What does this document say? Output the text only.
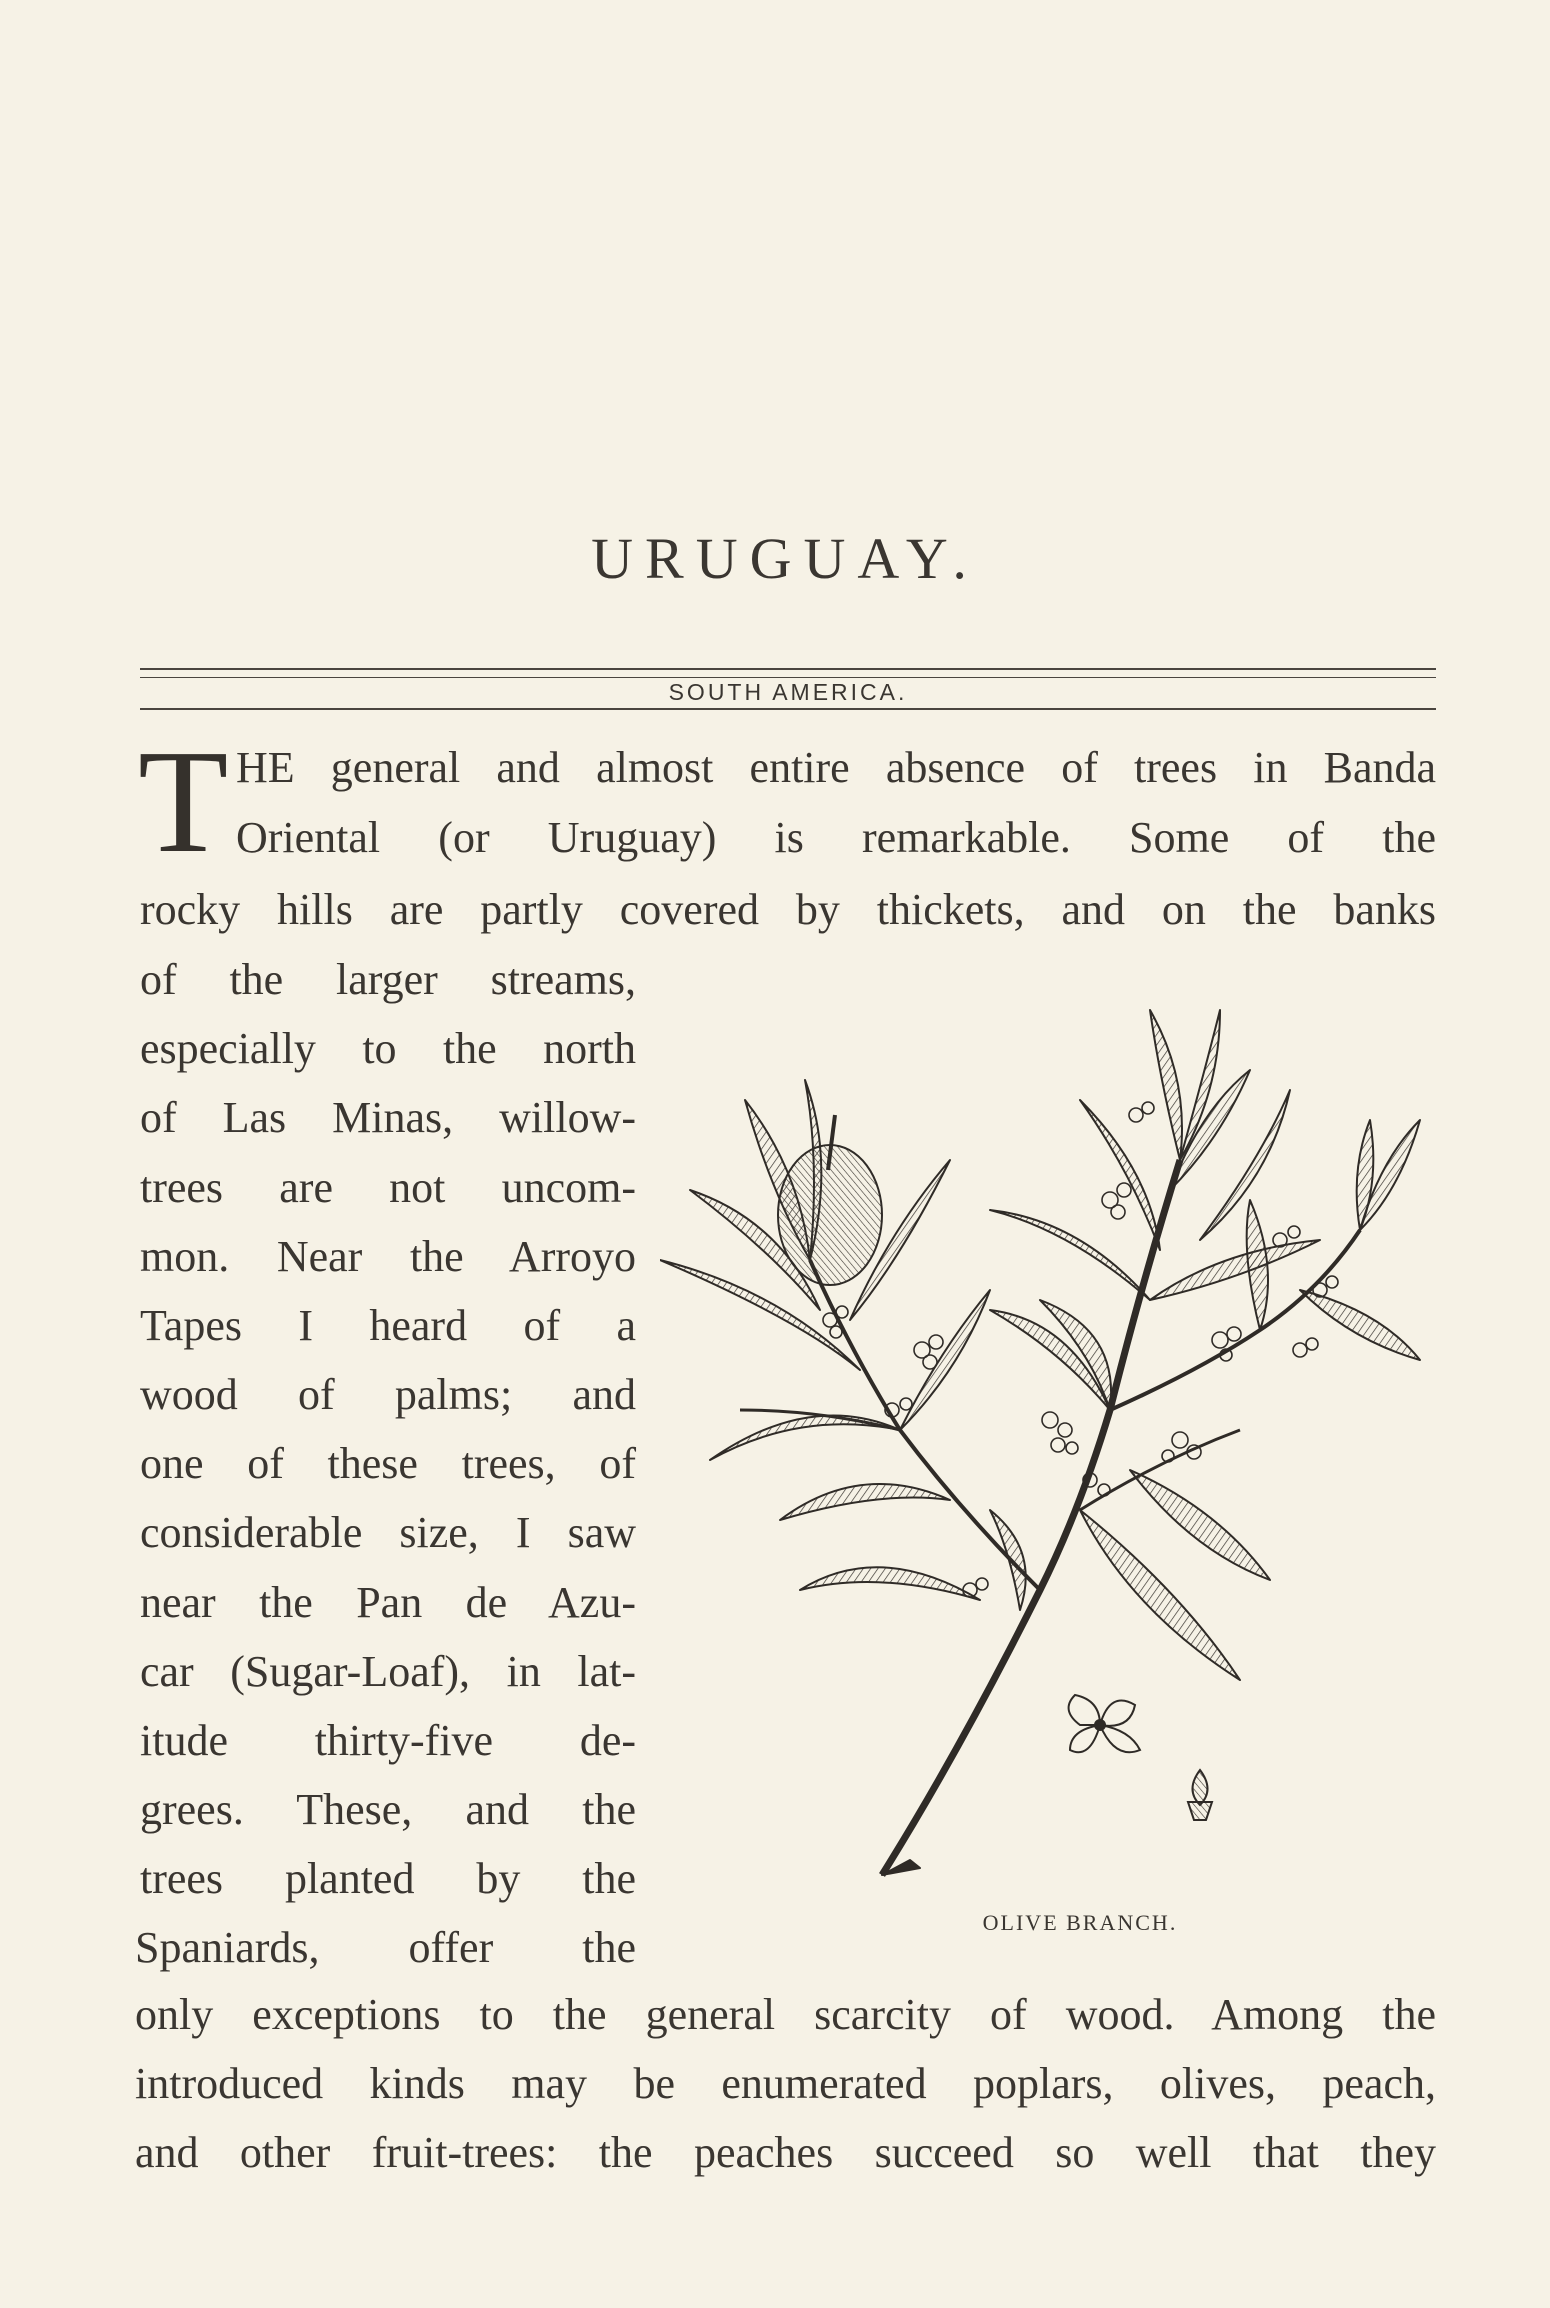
URUGUAY.
SOUTH AMERICA.
T HE general and almost entire absence of trees in Banda
Oriental (or Uruguay) is remarkable. Some of the
rocky hills are partly covered by thickets, and on the banks
of the larger streams,
especially to the north
of Las Minas, willow-
trees are not uncom-
mon. Near the Arroyo
Tapes I heard of a
wood of palms; and
one of these trees, of
considerable size, I saw
near the Pan de Azu-
car (Sugar-Loaf), in lat-
itude thirty-five de-
grees. These, and the
trees planted by the
Spaniards, offer the
only exceptions to the general scarcity of wood. Among the
introduced kinds may be enumerated poplars, olives, peach,
and other fruit-trees: the peaches succeed so well that they
OLIVE BRANCH.
